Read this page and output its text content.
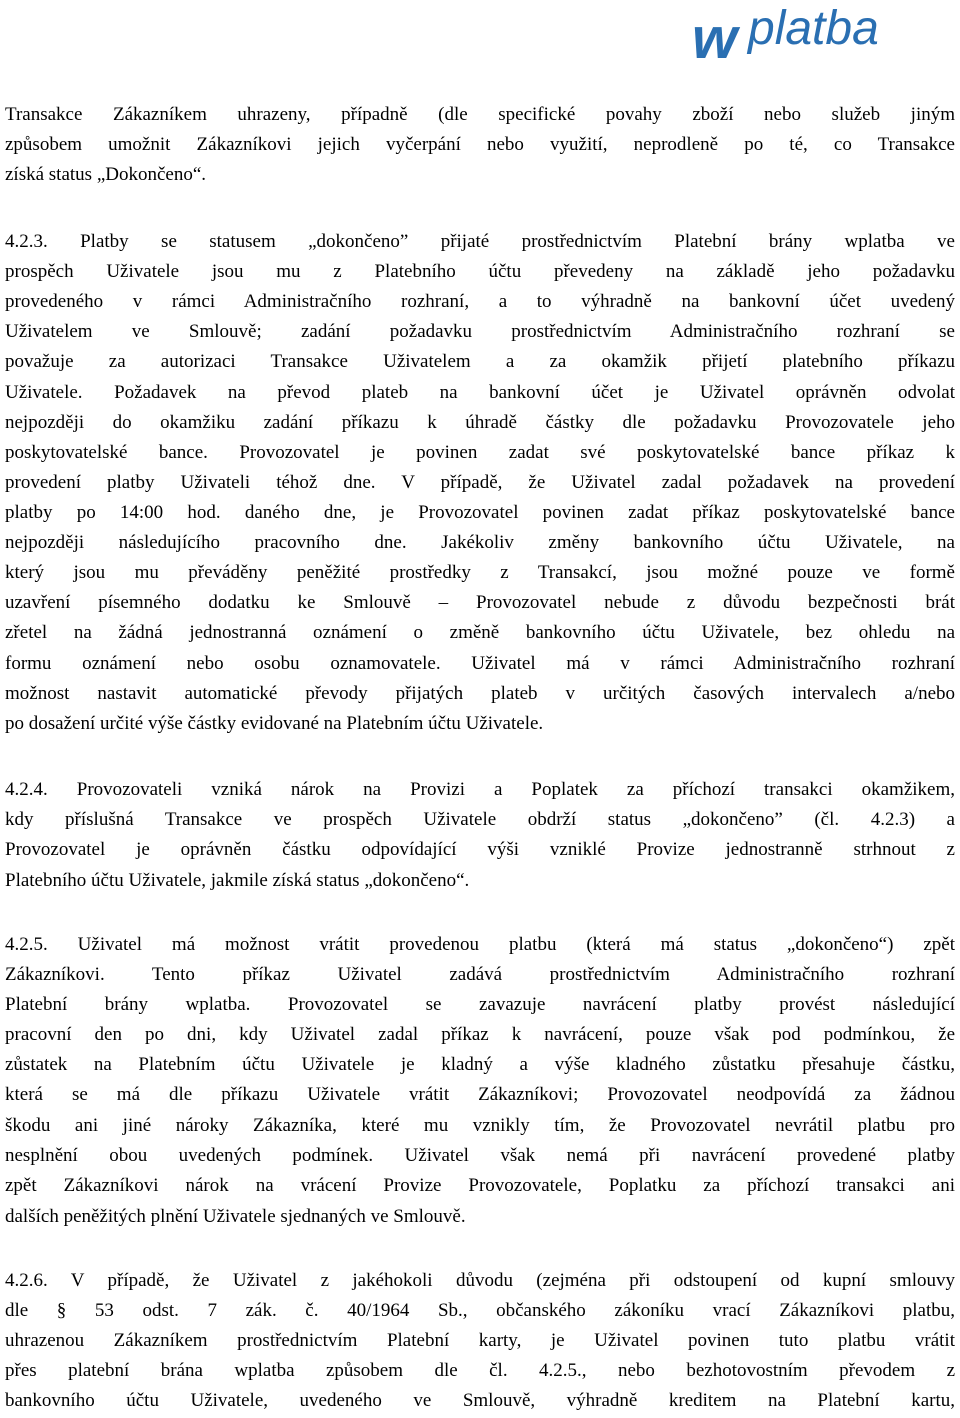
w platba
Transakce Zákazníkem uhrazeny, případně (dle specifické povahy zboží nebo služeb jiným
způsobem umožnit Zákazníkovi jejich vyčerpání nebo využití, neprodleně po té, co Transakce
získá status „Dokončeno“.
4.2.3. Platby se statusem „dokončeno” přijaté prostřednictvím Platební brány wplatba ve
prospěch Uživatele jsou mu z Platebního účtu převedeny na základě jeho požadavku
provedeného v rámci Administračního rozhraní, a to výhradně na bankovní účet uvedený
Uživatelem ve Smlouvě; zadání požadavku prostřednictvím Administračního rozhraní se
považuje za autorizaci Transakce Uživatelem a za okamžik přijetí platebního příkazu
Uživatele. Požadavek na převod plateb na bankovní účet je Uživatel oprávněn odvolat
nejpozději do okamžiku zadání příkazu k úhradě částky dle požadavku Provozovatele jeho
poskytovatelské bance. Provozovatel je povinen zadat své poskytovatelské bance příkaz k
provedení platby Uživateli téhož dne. V případě, že Uživatel zadal požadavek na provedení
platby po 14:00 hod. daného dne, je Provozovatel povinen zadat příkaz poskytovatelské bance
nejpozději následujícího pracovního dne. Jakékoliv změny bankovního účtu Uživatele, na
který jsou mu převáděny peněžité prostředky z Transakcí, jsou možné pouze ve formě
uzavření písemného dodatku ke Smlouvě – Provozovatel nebude z důvodu bezpečnosti brát
zřetel na žádná jednostranná oznámení o změně bankovního účtu Uživatele, bez ohledu na
formu oznámení nebo osobu oznamovatele. Uživatel má v rámci Administračního rozhraní
možnost nastavit automatické převody přijatých plateb v určitých časových intervalech a/nebo
po dosažení určité výše částky evidované na Platebním účtu Uživatele.
4.2.4. Provozovateli vzniká nárok na Provizi a Poplatek za příchozí transakci okamžikem,
kdy příslušná Transakce ve prospěch Uživatele obdrží status „dokončeno” (čl. 4.2.3) a
Provozovatel je oprávněn částku odpovídající výši vzniklé Provize jednostranně strhnout z
Platebního účtu Uživatele, jakmile získá status „dokončeno“.
4.2.5. Uživatel má možnost vrátit provedenou platbu (která má status „dokončeno“) zpět
Zákazníkovi. Tento příkaz Uživatel zadává prostřednictvím Administračního rozhraní
Platební brány wplatba. Provozovatel se zavazuje navrácení platby provést následující
pracovní den po dni, kdy Uživatel zadal příkaz k navrácení, pouze však pod podmínkou, že
zůstatek na Platebním účtu Uživatele je kladný a výše kladného zůstatku přesahuje částku,
která se má dle příkazu Uživatele vrátit Zákazníkovi; Provozovatel neodpovídá za žádnou
škodu ani jiné nároky Zákazníka, které mu vznikly tím, že Provozovatel nevrátil platbu pro
nesplnění obou uvedených podmínek. Uživatel však nemá při navrácení provedené platby
zpět Zákazníkovi nárok na vrácení Provize Provozovatele, Poplatku za příchozí transakci ani
dalších peněžitých plnění Uživatele sjednaných ve Smlouvě.
4.2.6. V případě, že Uživatel z jakéhokoli důvodu (zejména při odstoupení od kupní smlouvy
dle § 53 odst. 7 zák. č. 40/1964 Sb., občanského zákoníku vrací Zákazníkovi platbu,
uhrazenou Zákazníkem prostřednictvím Platební karty, je Uživatel povinen tuto platbu vrátit
přes platební brána wplatba způsobem dle čl. 4.2.5., nebo bezhotovostním převodem z
bankovního účtu Uživatele, uvedeného ve Smlouvě, výhradně kreditem na Platební kartu,
